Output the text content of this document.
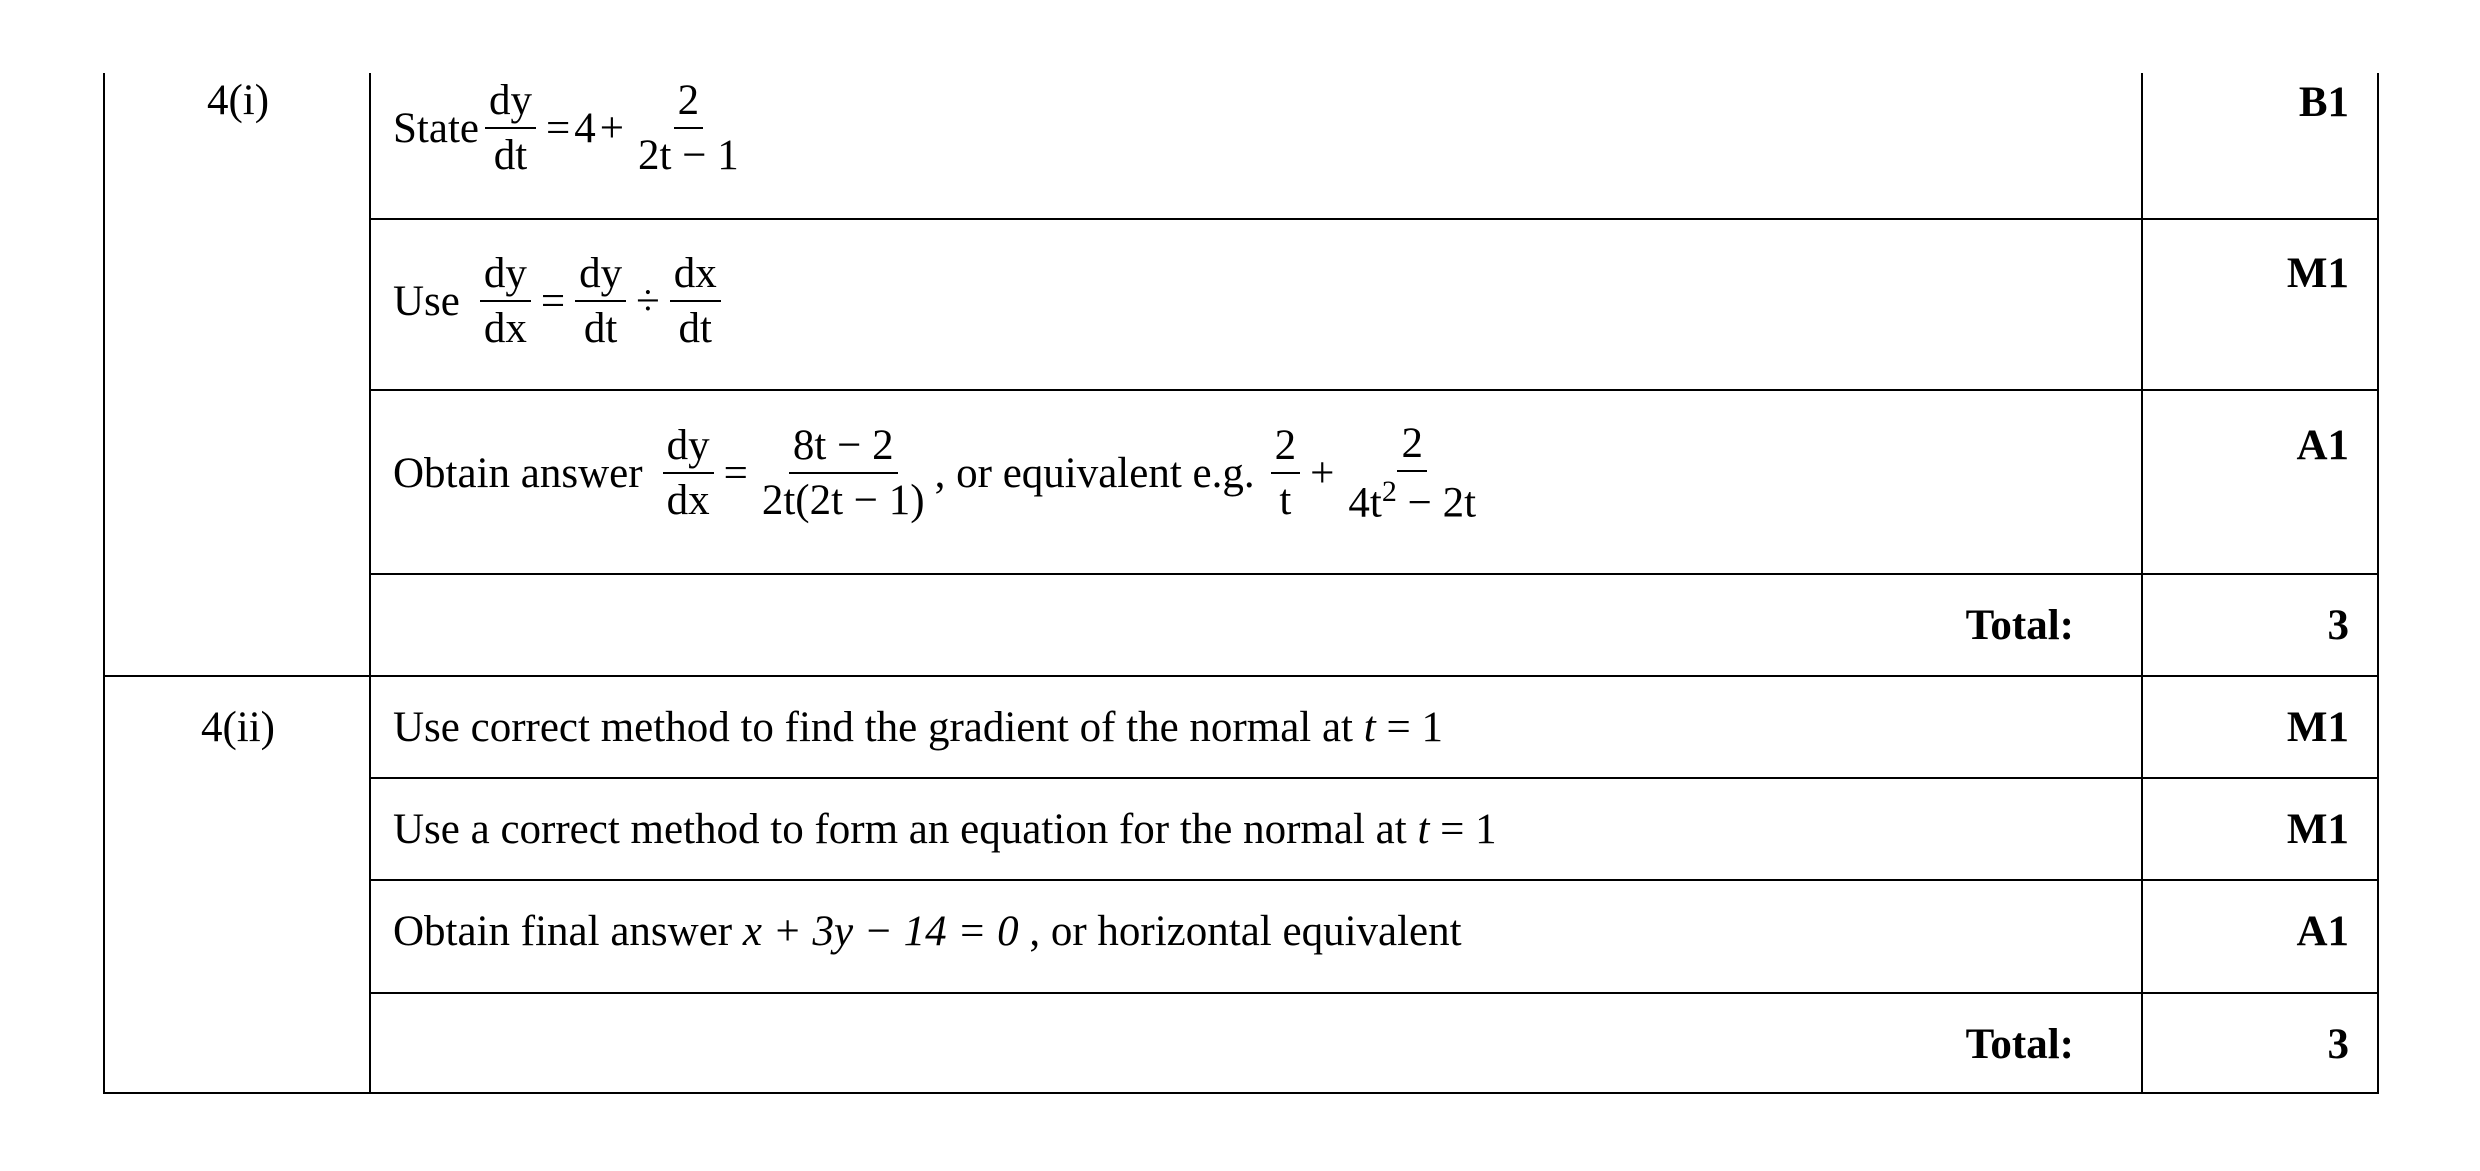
4(i)
State $\frac{dy}{dt} = 4 + \frac{2}{2t - 1}$	B1
Use $\frac{dy}{dx} = \frac{dy}{dt} \div \frac{dx}{dt}$	M1
Obtain answer $\frac{dy}{dx} = \frac{8t - 2}{2t(2t - 1)}$ , or equivalent e.g. $\frac{2}{t} + \frac{2}{4t^2 - 2t}$	A1
Total:	3
4(ii)	Use correct method to find the gradient of the normal at t = 1	M1
Use a correct method to form an equation for the normal at t = 1	M1
Obtain final answer x + 3y − 14 = 0 , or horizontal equivalent	A1
Total:	3
